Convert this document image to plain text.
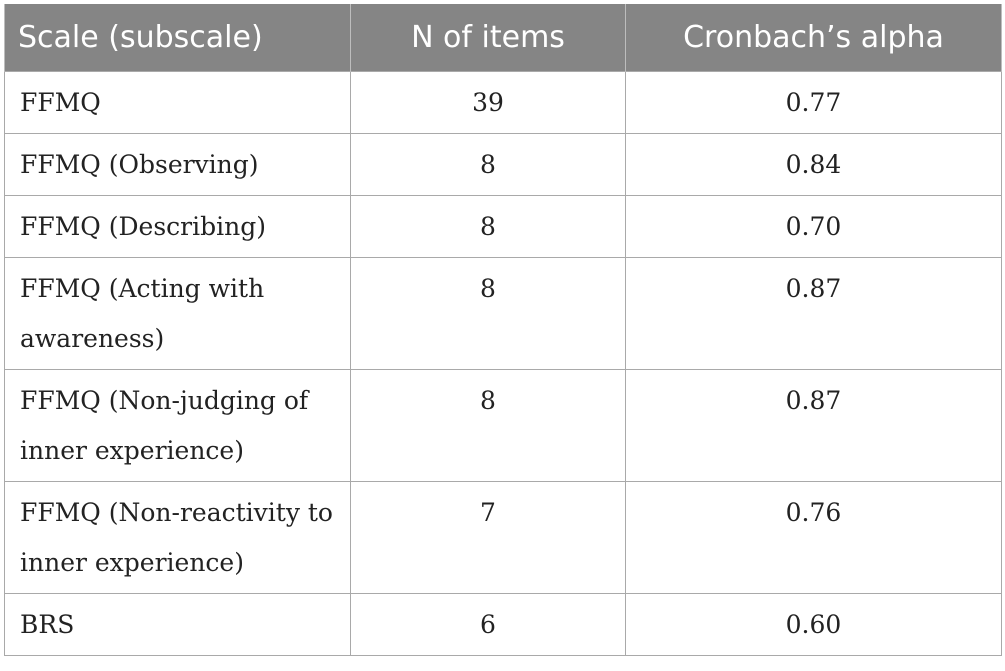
Scale (subscale)	N of items	Cronbach’s alpha
FFMQ	39	0.77
FFMQ (Observing)	8	0.84
FFMQ (Describing)	8	0.70
FFMQ (Acting with awareness)	8	0.87
FFMQ (Non-judging of inner experience)	8	0.87
FFMQ (Non-reactivity to inner experience)	7	0.76
BRS	6	0.60
